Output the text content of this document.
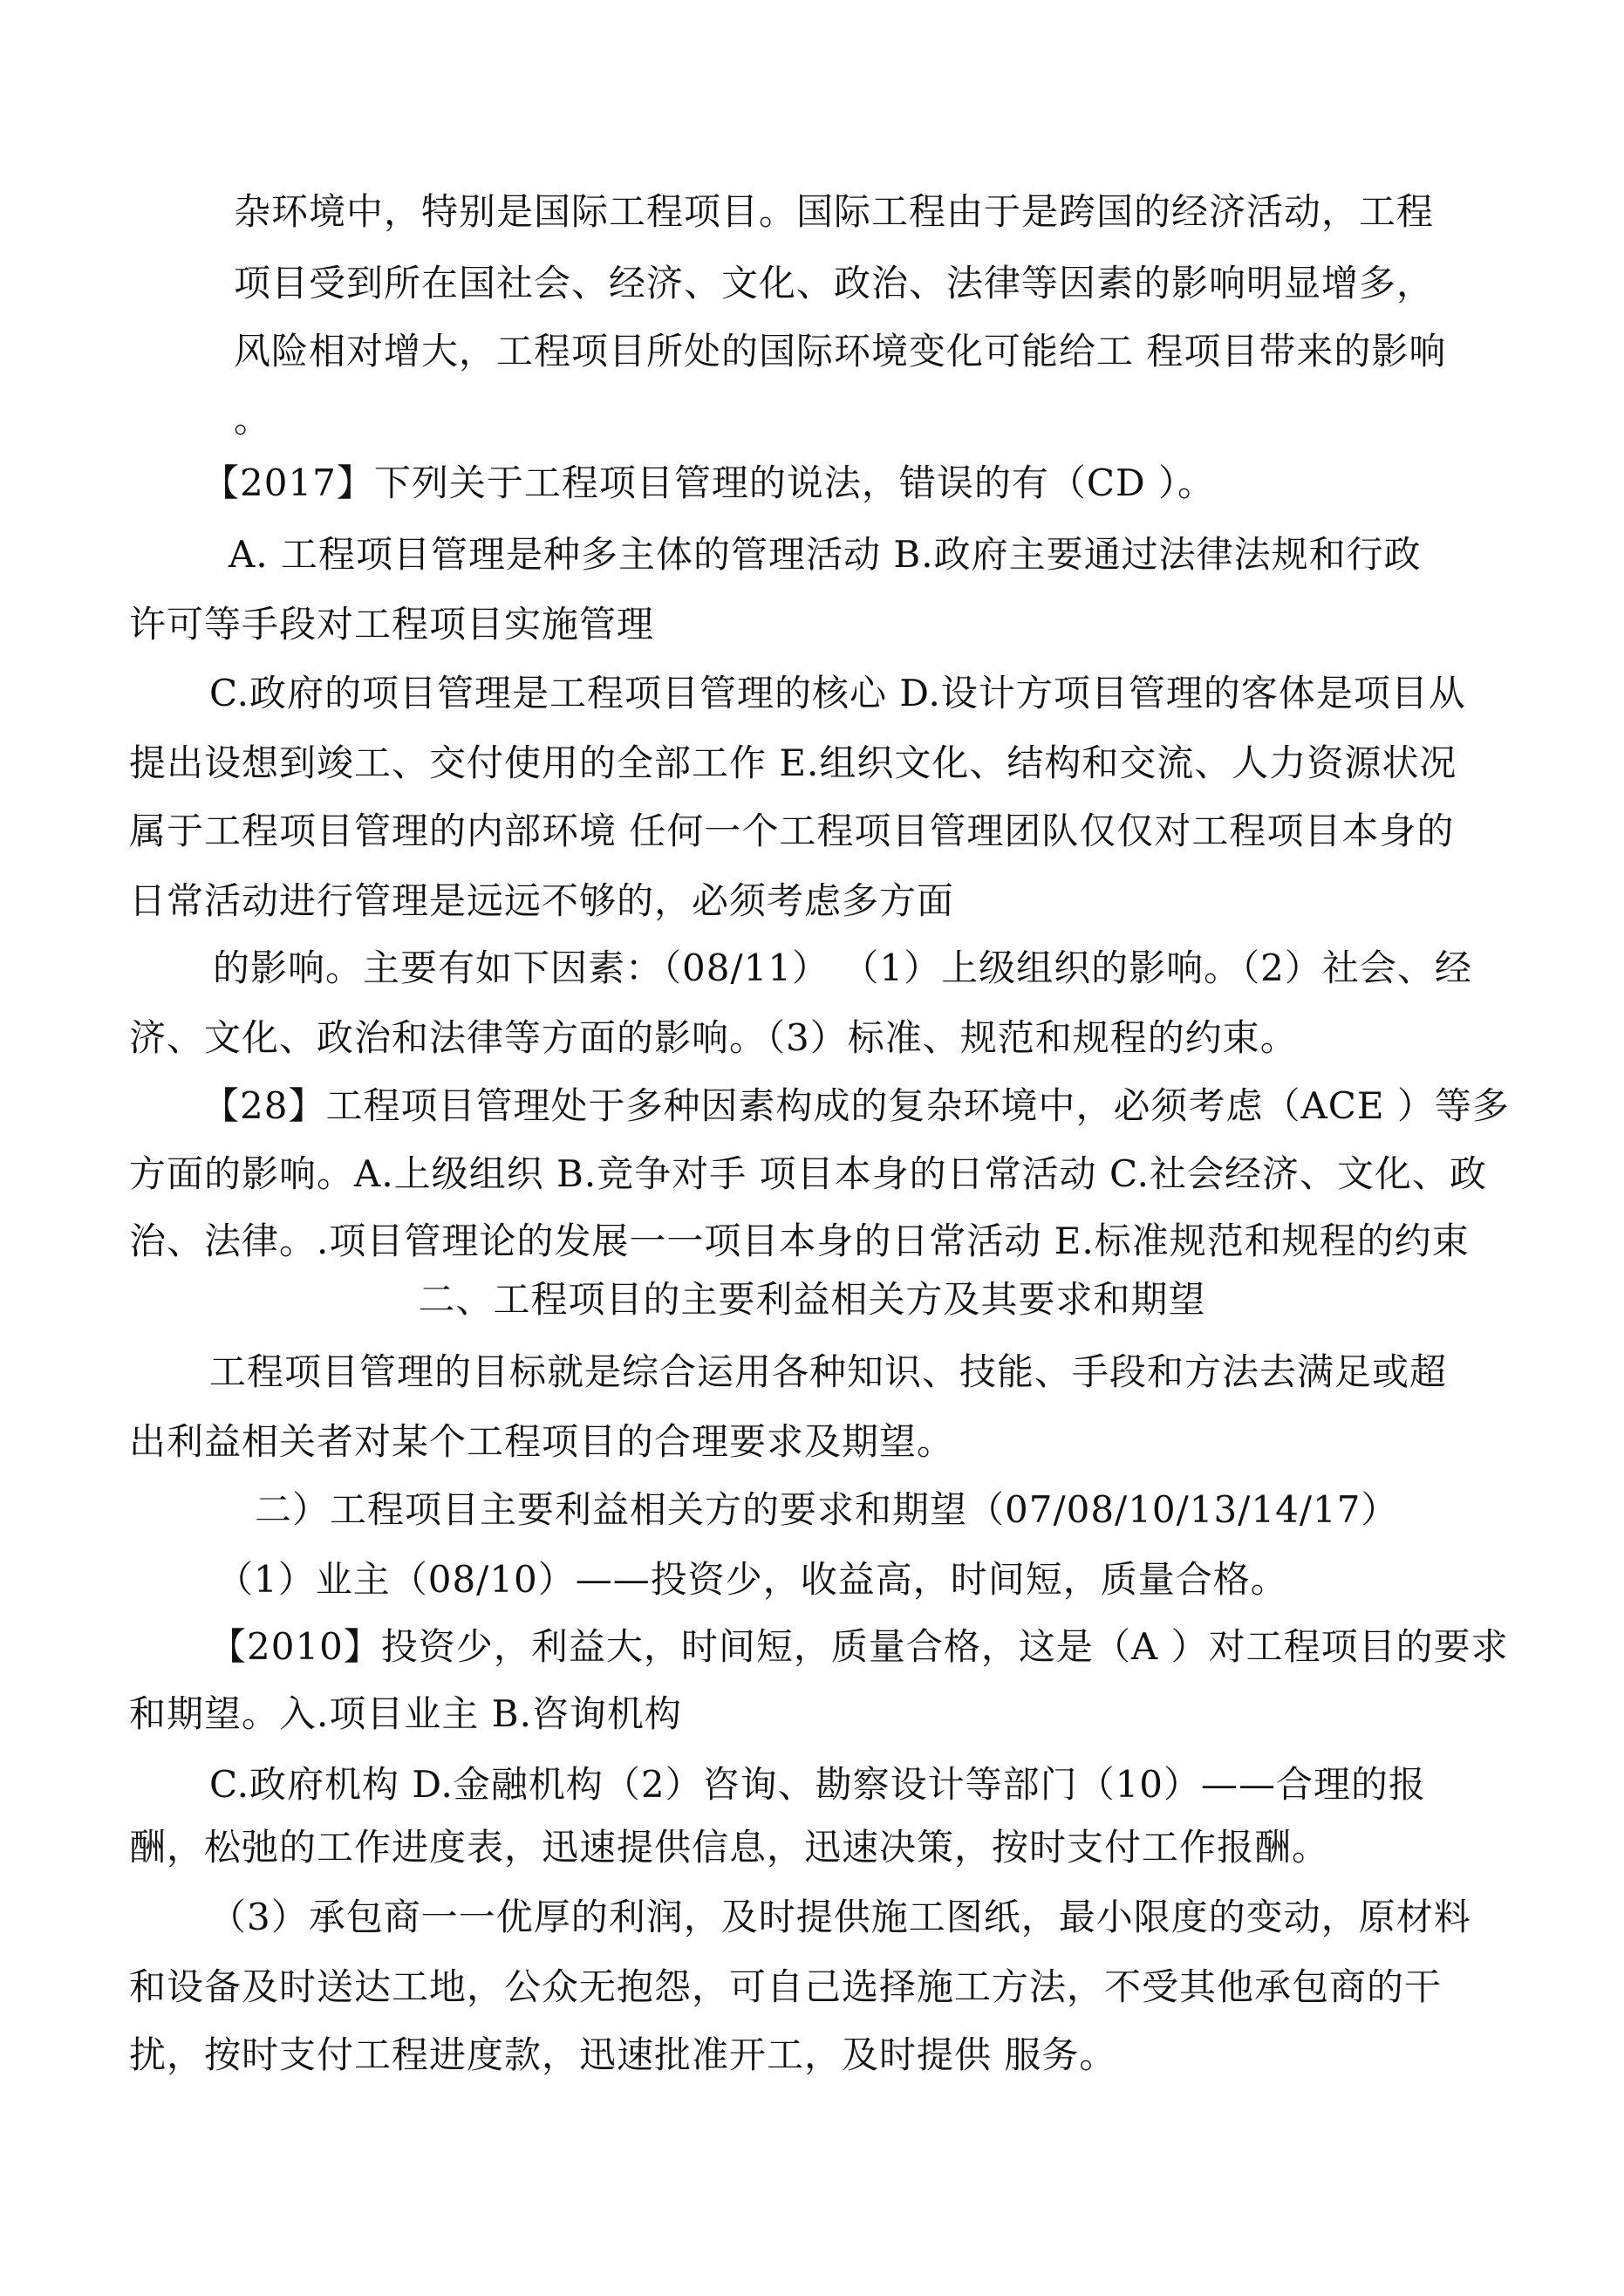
杂环境中，特别是国际工程项目。国际工程由于是跨国的经济活动，工程
项目受到所在国社会、经济、文化、政治、法律等因素的影响明显增多，
风险相对增大，工程项目所处的国际环境变化可能给工 程项目带来的影响
。
【2017】下列关于工程项目管理的说法，错误的有（CD ）。
A. 工程项目管理是种多主体的管理活动 B.政府主要通过法律法规和行政
许可等手段对工程项目实施管理
C.政府的项目管理是工程项目管理的核心 D.设计方项目管理的客体是项目从
提出设想到竣工、交付使用的全部工作 E.组织文化、结构和交流、人力资源状况
属于工程项目管理的内部环境 任何一个工程项目管理团队仅仅对工程项目本身的
日常活动进行管理是远远不够的，必须考虑多方面
的影响。主要有如下因素：（08/11） （1）上级组织的影响。（2）社会、经
济、文化、政治和法律等方面的影响。（3）标准、规范和规程的约束。
【28】工程项目管理处于多种因素构成的复杂环境中，必须考虑（ACE ）等多
方面的影响。A.上级组织 B.竞争对手 项目本身的日常活动 C.社会经济、文化、政
治、法律。.项目管理论的发展一一项目本身的日常活动 E.标准规范和规程的约束
二、工程项目的主要利益相关方及其要求和期望
工程项目管理的目标就是综合运用各种知识、技能、手段和方法去满足或超
出利益相关者对某个工程项目的合理要求及期望。
二）工程项目主要利益相关方的要求和期望（07/08/10/13/14/17）
（1）业主（08/10）——投资少，收益高，时间短，质量合格。
【2010】投资少，利益大，时间短，质量合格，这是（A ）对工程项目的要求
和期望。入.项目业主 B.咨询机构
C.政府机构 D.金融机构（2）咨询、勘察设计等部门（10）——合理的报
酬，松弛的工作进度表，迅速提供信息，迅速决策，按时支付工作报酬。
（3）承包商一一优厚的利润，及时提供施工图纸，最小限度的变动，原材料
和设备及时送达工地，公众无抱怨，可自己选择施工方法，不受其他承包商的干
扰，按时支付工程进度款，迅速批准开工，及时提供 服务。
